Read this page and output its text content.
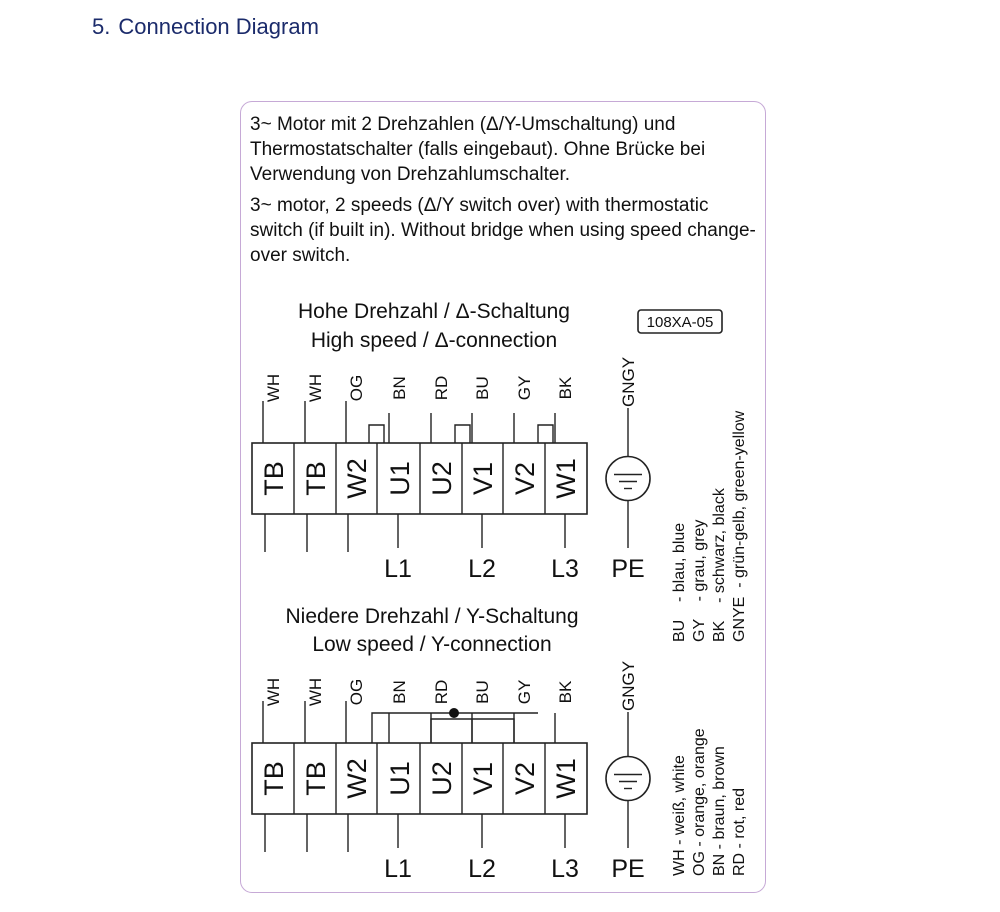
5. Connection Diagram

3~ Motor mit 2 Drehzahlen (Δ/Y-Umschaltung) und Thermostatschalter (falls eingebaut). Ohne Brücke bei Verwendung von Drehzahlumschalter.

3~ motor, 2 speeds (Δ/Y switch over) with thermostatic switch (if built in). Without bridge when using speed change-over switch.

108XA-05
Hohe Drehzahl / Δ-Schaltung
High speed / Δ-connection
Niedere Drehzahl / Y-Schaltung
Low speed / Y-connection
WH WH OG BN RD BU GY BK
TB TB W2 U1 U2 V1 V2 W1
L1 L2 L3 PE
GNGY
WH WH OG BN RD BU GY BK
TB TB W2 U1 U2 V1 V2 W1
L1 L2 L3 PE
GNGY
BU    - blau, blue GY    - grau, grey BK    - schwarz, black GNYE  - grün-gelb, green-yellow
WH - weiß, white OG - orange, orange BN - braun, brown RD - rot, red
